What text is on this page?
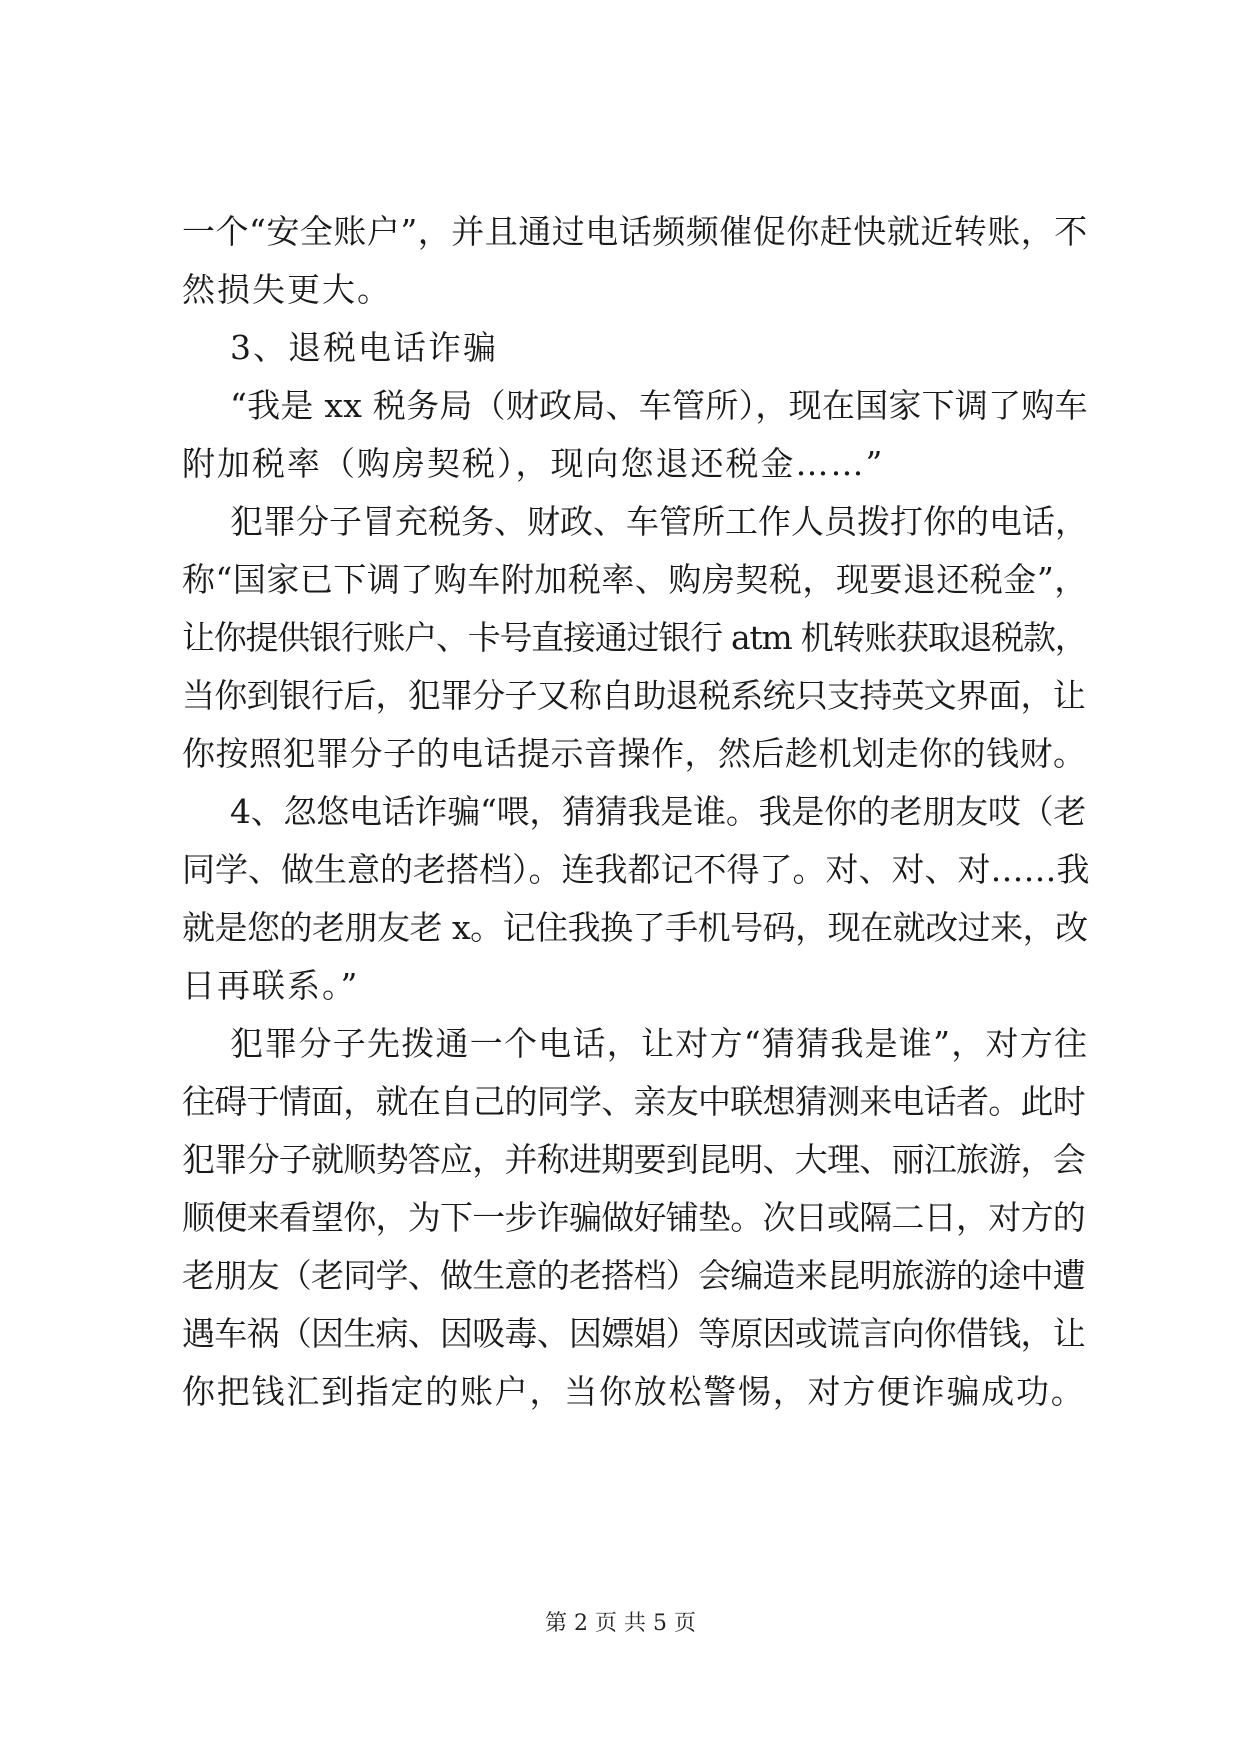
一个“安全账户”，并且通过电话频频催促你赶快就近转账，不
然损失更大。
3、退税电话诈骗
“我是 xx 税务局（财政局、车管所），现在国家下调了购车
附加税率（购房契税），现向您退还税金……”
犯罪分子冒充税务、财政、车管所工作人员拨打你的电话，
称“国家已下调了购车附加税率、购房契税，现要退还税金”，
让你提供银行账户、卡号直接通过银行 atm 机转账获取退税款，
当你到银行后，犯罪分子又称自助退税系统只支持英文界面，让
你按照犯罪分子的电话提示音操作，然后趁机划走你的钱财。
4、忽悠电话诈骗“喂，猜猜我是谁。我是你的老朋友哎（老
同学、做生意的老搭档）。连我都记不得了。对、对、对……我
就是您的老朋友老 x。记住我换了手机号码，现在就改过来，改
日再联系。”
犯罪分子先拨通一个电话，让对方“猜猜我是谁”，对方往
往碍于情面，就在自己的同学、亲友中联想猜测来电话者。此时
犯罪分子就顺势答应，并称进期要到昆明、大理、丽江旅游，会
顺便来看望你，为下一步诈骗做好铺垫。次日或隔二日，对方的
老朋友（老同学、做生意的老搭档）会编造来昆明旅游的途中遭
遇车祸（因生病、因吸毒、因嫖娼）等原因或谎言向你借钱，让
你把钱汇到指定的账户，当你放松警惕，对方便诈骗成功。
第 2 页 共 5 页
